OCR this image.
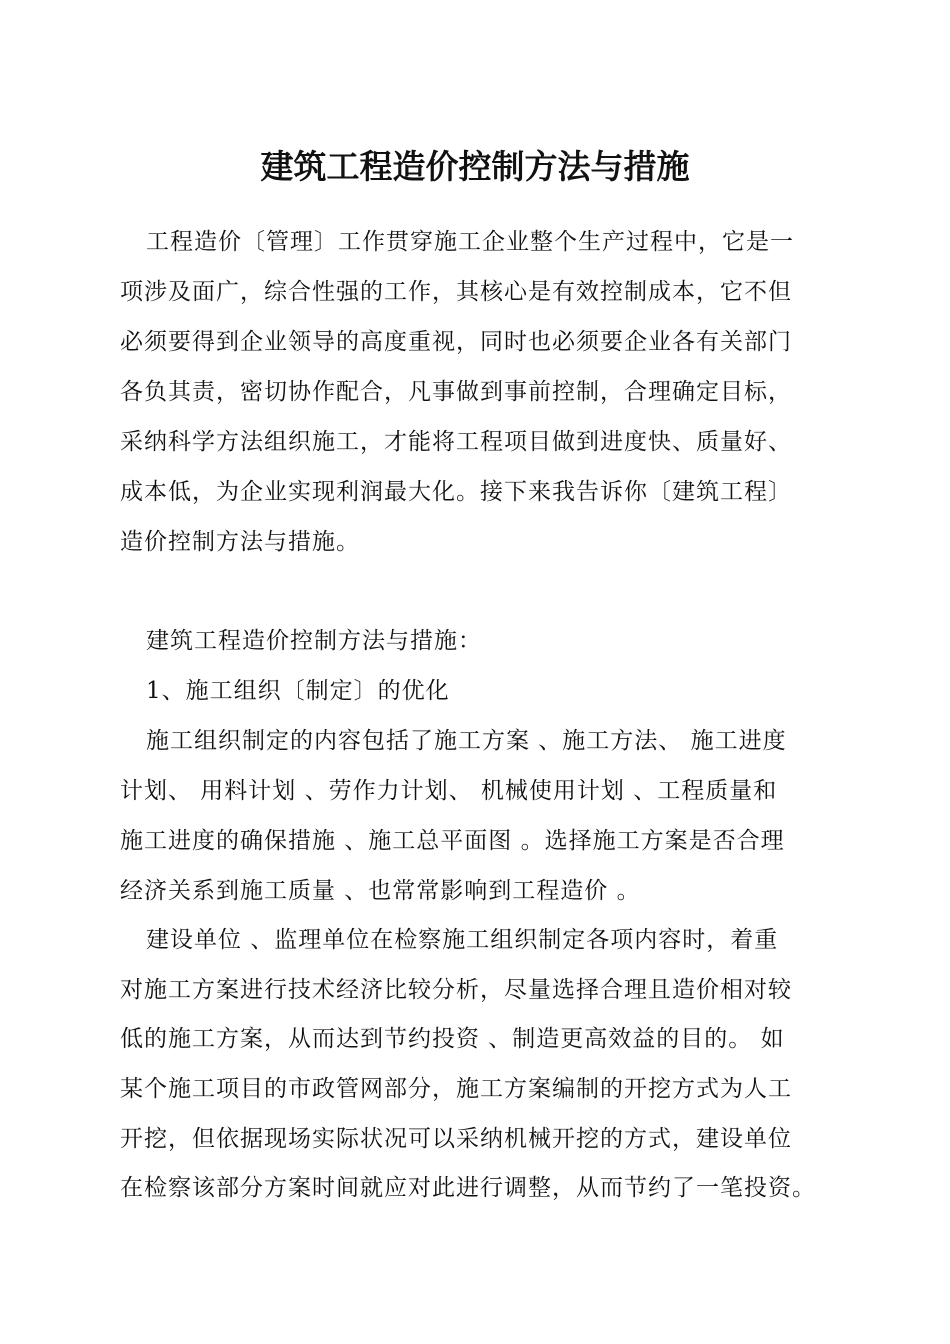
建筑工程造价控制方法与措施

工程造价〔管理〕工作贯穿施工企业整个生产过程中，它是一

项涉及面广，综合性强的工作，其核心是有效控制成本，它不但

必须要得到企业领导的高度重视，同时也必须要企业各有关部门

各负其责，密切协作配合，凡事做到事前控制，合理确定目标，

采纳科学方法组织施工，才能将工程项目做到进度快、质量好、

成本低，为企业实现利润最大化。接下来我告诉你〔建筑工程〕

造价控制方法与措施。

建筑工程造价控制方法与措施：

1、施工组织〔制定〕的优化

施工组织制定的内容包括了施工方案 、施工方法、 施工进度

计划、 用料计划 、劳作力计划、 机械使用计划 、工程质量和

施工进度的确保措施 、施工总平面图 。选择施工方案是否合理

经济关系到施工质量 、也常常影响到工程造价 。

建设单位 、监理单位在检察施工组织制定各项内容时，着重

对施工方案进行技术经济比较分析，尽量选择合理且造价相对较

低的施工方案，从而达到节约投资 、制造更高效益的目的。 如

某个施工项目的市政管网部分，施工方案编制的开挖方式为人工

开挖，但依据现场实际状况可以采纳机械开挖的方式，建设单位

在检察该部分方案时间就应对此进行调整，从而节约了一笔投资。
